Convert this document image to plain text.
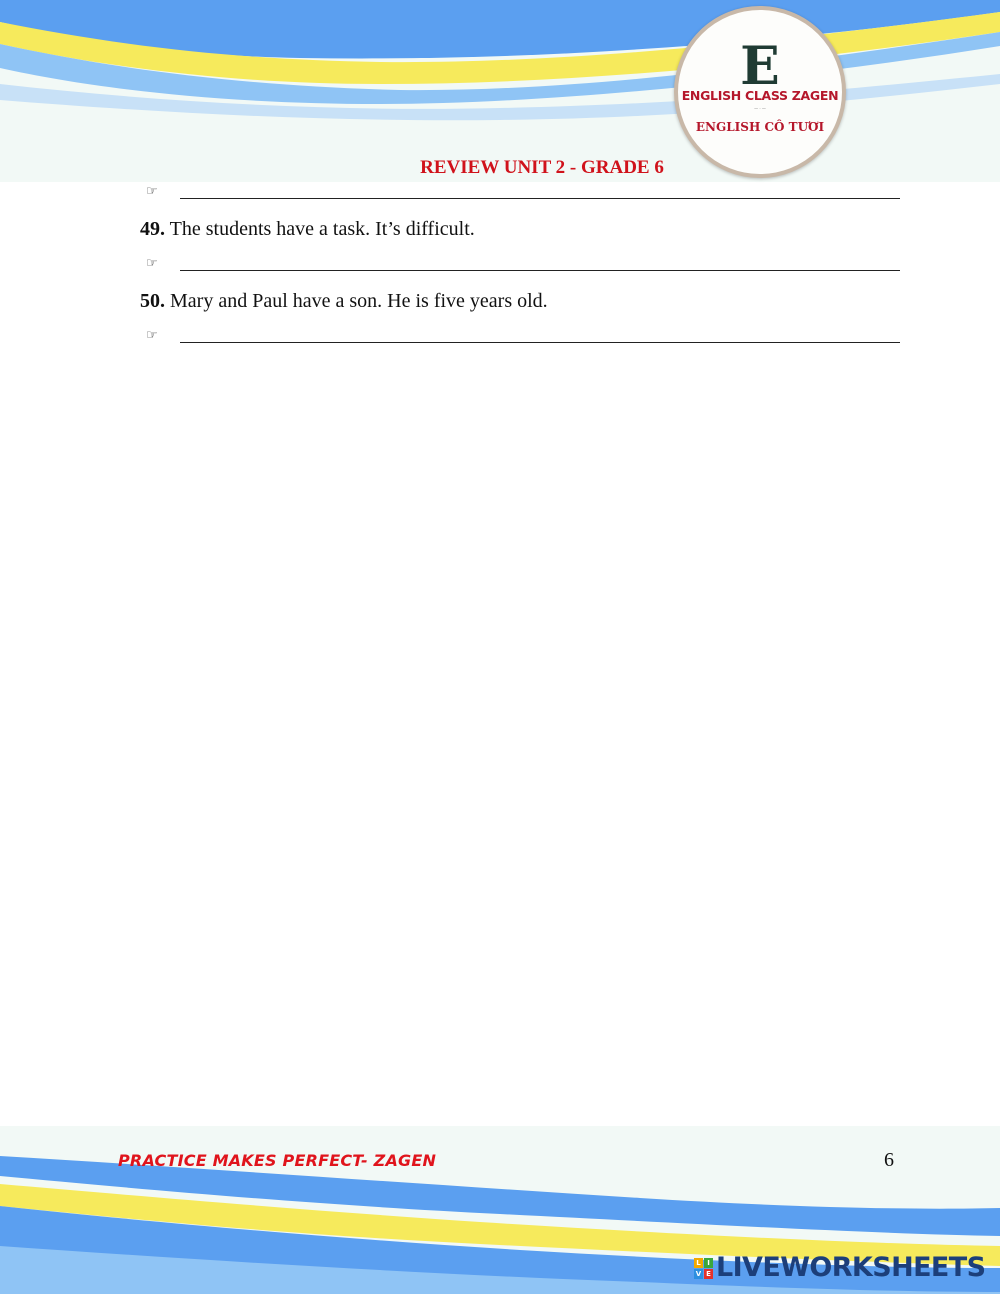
E
ENGLISH CLASS ZAGEN
— · —
ENGLISH CÔ TƯƠI
REVIEW UNIT 2 - GRADE 6
☞
49. The students have a task. It’s difficult.
☞
50. Mary and Paul have a son. He is five years old.
☞
PRACTICE MAKES PERFECT- ZAGEN	6
L I
V E LIVEWORKSHEETS
